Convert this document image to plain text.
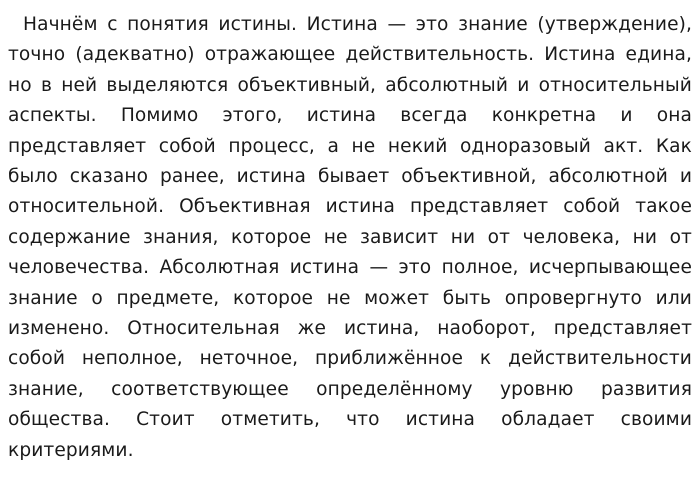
Начнём с понятия истины. Истина — это знание (утверждение), точно (адекватно) отражающее действительность. Истина едина, но в ней выделяются объективный, абсолютный и относительный аспекты. Помимо этого, истина всегда конкретна и она представляет собой процесс, а не некий одноразовый акт. Как было сказано ранее, истина бывает объективной, абсолютной и относительной. Объективная истина представляет собой такое содержание знания, которое не зависит ни от человека, ни от человечества. Абсолютная истина — это полное, исчерпывающее знание о предмете, которое не может быть опровергнуто или изменено. Относительная же истина, наоборот, представляет собой неполное, неточное, приближённое к действительности знание, соответствующее определённому уровню развития общества. Стоит отметить, что истина обладает своими критериями.
